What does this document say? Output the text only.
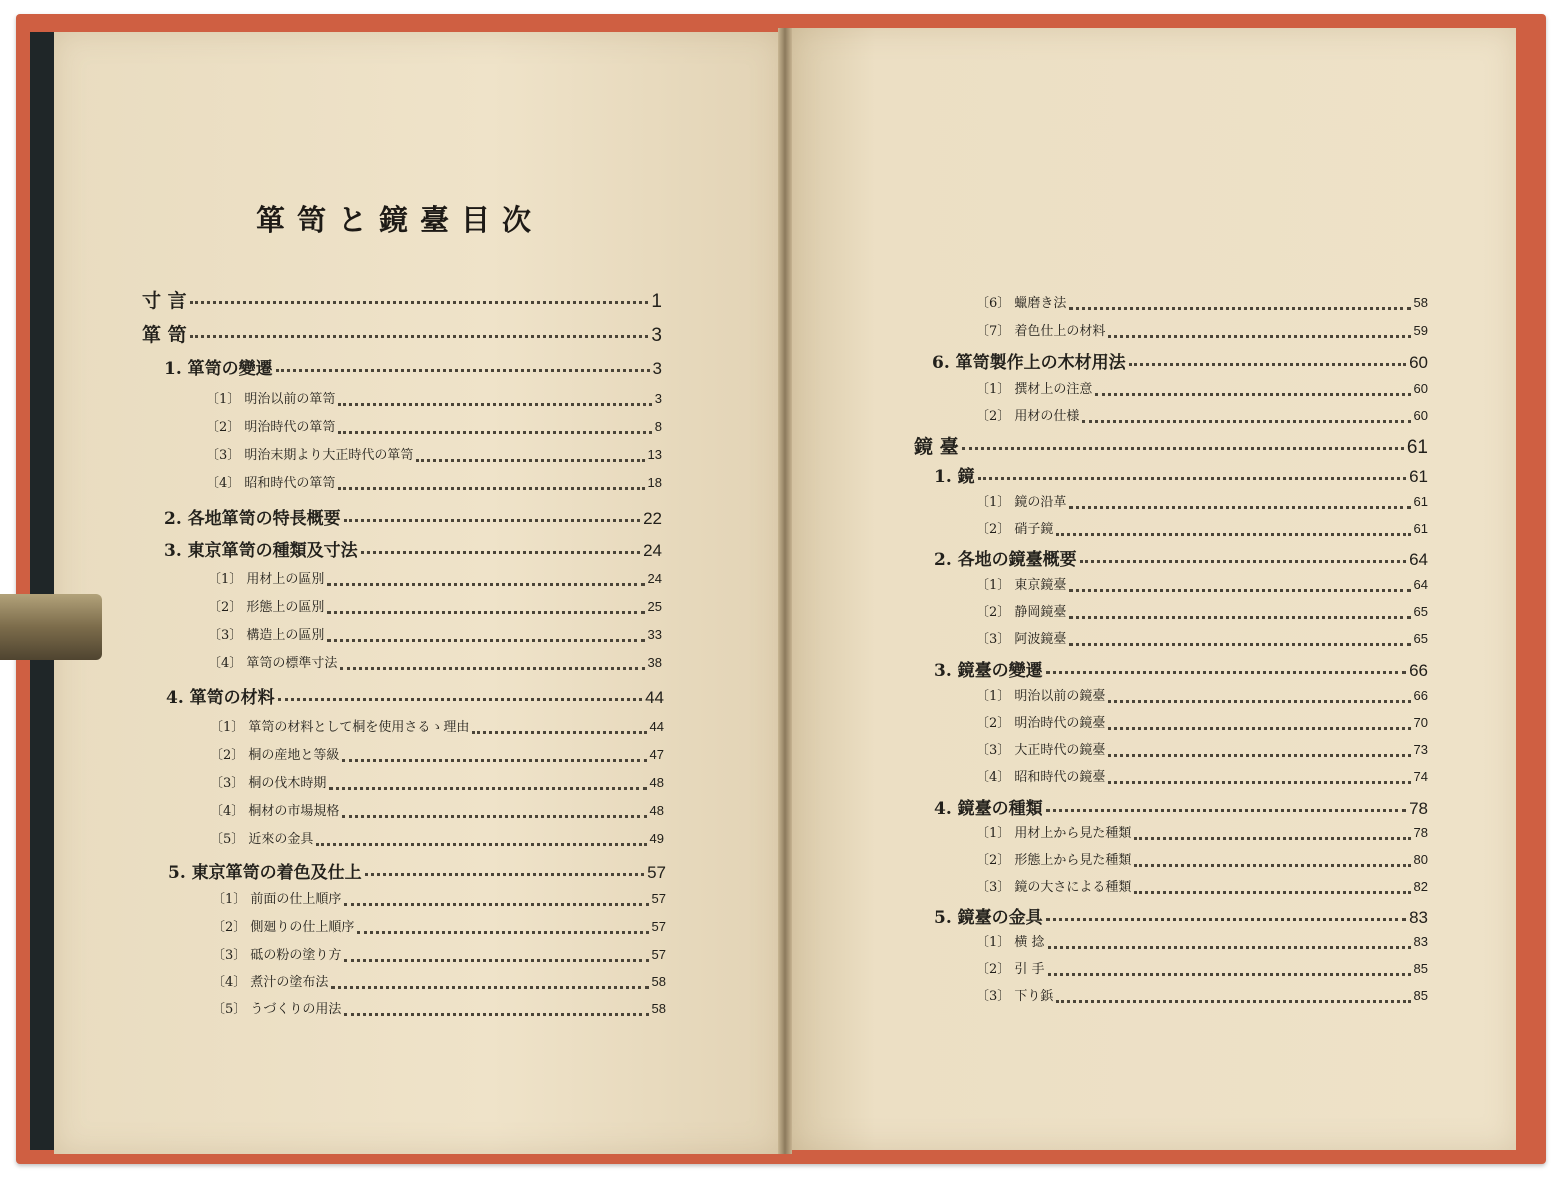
箪笥と鏡臺目次
寸 言	1
箪 笥	3
1. 箪笥の變遷	3
〔1〕 明治以前の箪笥	3
〔2〕 明治時代の箪笥	8
〔3〕 明治末期より大正時代の箪笥	13
〔4〕 昭和時代の箪笥	18
2. 各地箪笥の特長概要	22
3. 東京箪笥の種類及寸法	24
〔1〕 用材上の區別	24
〔2〕 形態上の區別	25
〔3〕 構造上の區別	33
〔4〕 箪笥の標準寸法	38
4. 箪笥の材料	44
〔1〕 箪笥の材料として桐を使用さるゝ理由	44
〔2〕 桐の産地と等級	47
〔3〕 桐の伐木時期	48
〔4〕 桐材の市場規格	48
〔5〕 近來の金具	49
5. 東京箪笥の着色及仕上	57
〔1〕 前面の仕上順序	57
〔2〕 側廻りの仕上順序	57
〔3〕 砥の粉の塗り方	57
〔4〕 煮汁の塗布法	58
〔5〕 うづくりの用法	58
〔6〕 蠟磨き法	58
〔7〕 着色仕上の材料	59
6. 箪笥製作上の木材用法	60
〔1〕 撰材上の注意	60
〔2〕 用材の仕様	60
鏡 臺	61
1. 鏡	61
〔1〕 鏡の沿革	61
〔2〕 硝子鏡	61
2. 各地の鏡臺概要	64
〔1〕 東京鏡臺	64
〔2〕 静岡鏡臺	65
〔3〕 阿波鏡臺	65
3. 鏡臺の變遷	66
〔1〕 明治以前の鏡臺	66
〔2〕 明治時代の鏡臺	70
〔3〕 大正時代の鏡臺	73
〔4〕 昭和時代の鏡臺	74
4. 鏡臺の種類	78
〔1〕 用材上から見た種類	78
〔2〕 形態上から見た種類	80
〔3〕 鏡の大さによる種類	82
5. 鏡臺の金具	83
〔1〕 横 捻	83
〔2〕 引 手	85
〔3〕 下り鋲	85
